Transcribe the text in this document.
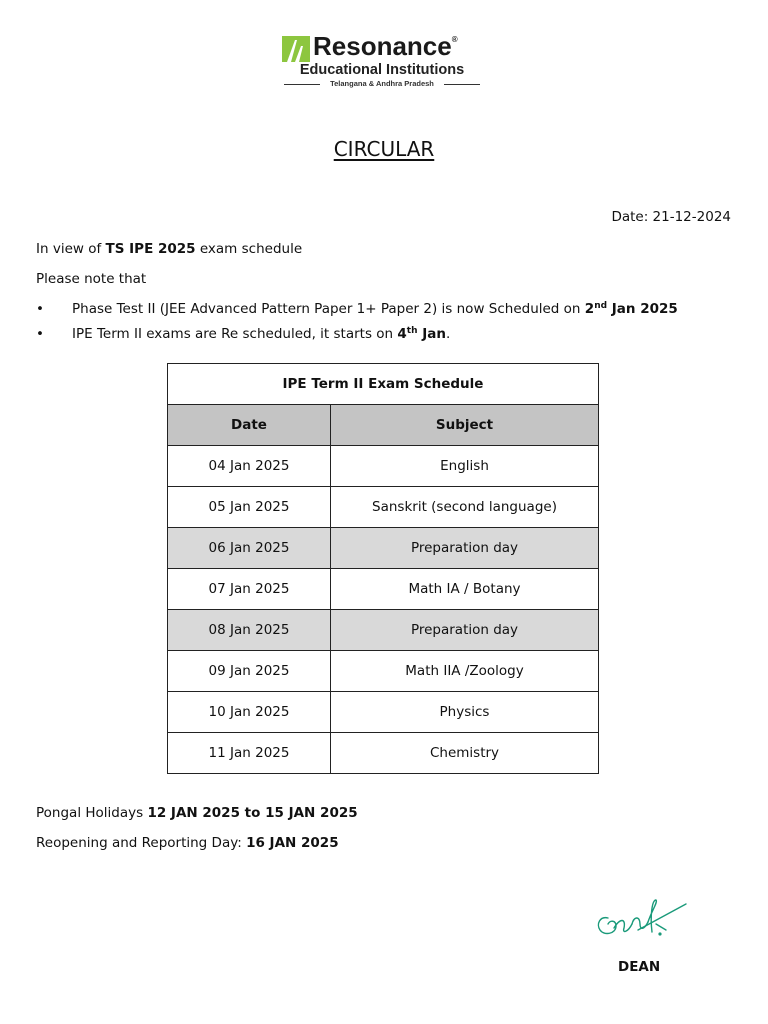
Resonance®
Educational Institutions
Telangana & Andhra Pradesh
CIRCULAR
Date: 21-12-2024
In view of TS IPE 2025 exam schedule
Please note that
• Phase Test II (JEE Advanced Pattern Paper 1+ Paper 2) is now Scheduled on 2nd Jan 2025
• IPE Term II exams are Re scheduled, it starts on 4th Jan.
IPE Term II Exam Schedule	
Date	Subject
04 Jan 2025	English
05 Jan 2025	Sanskrit (second language)
06 Jan 2025	Preparation day
07 Jan 2025	Math IA / Botany
08 Jan 2025	Preparation day
09 Jan 2025	Math IIA /Zoology
10 Jan 2025	Physics
11 Jan 2025	Chemistry
Pongal Holidays 12 JAN 2025 to 15 JAN 2025
Reopening and Reporting Day: 16 JAN 2025
DEAN
